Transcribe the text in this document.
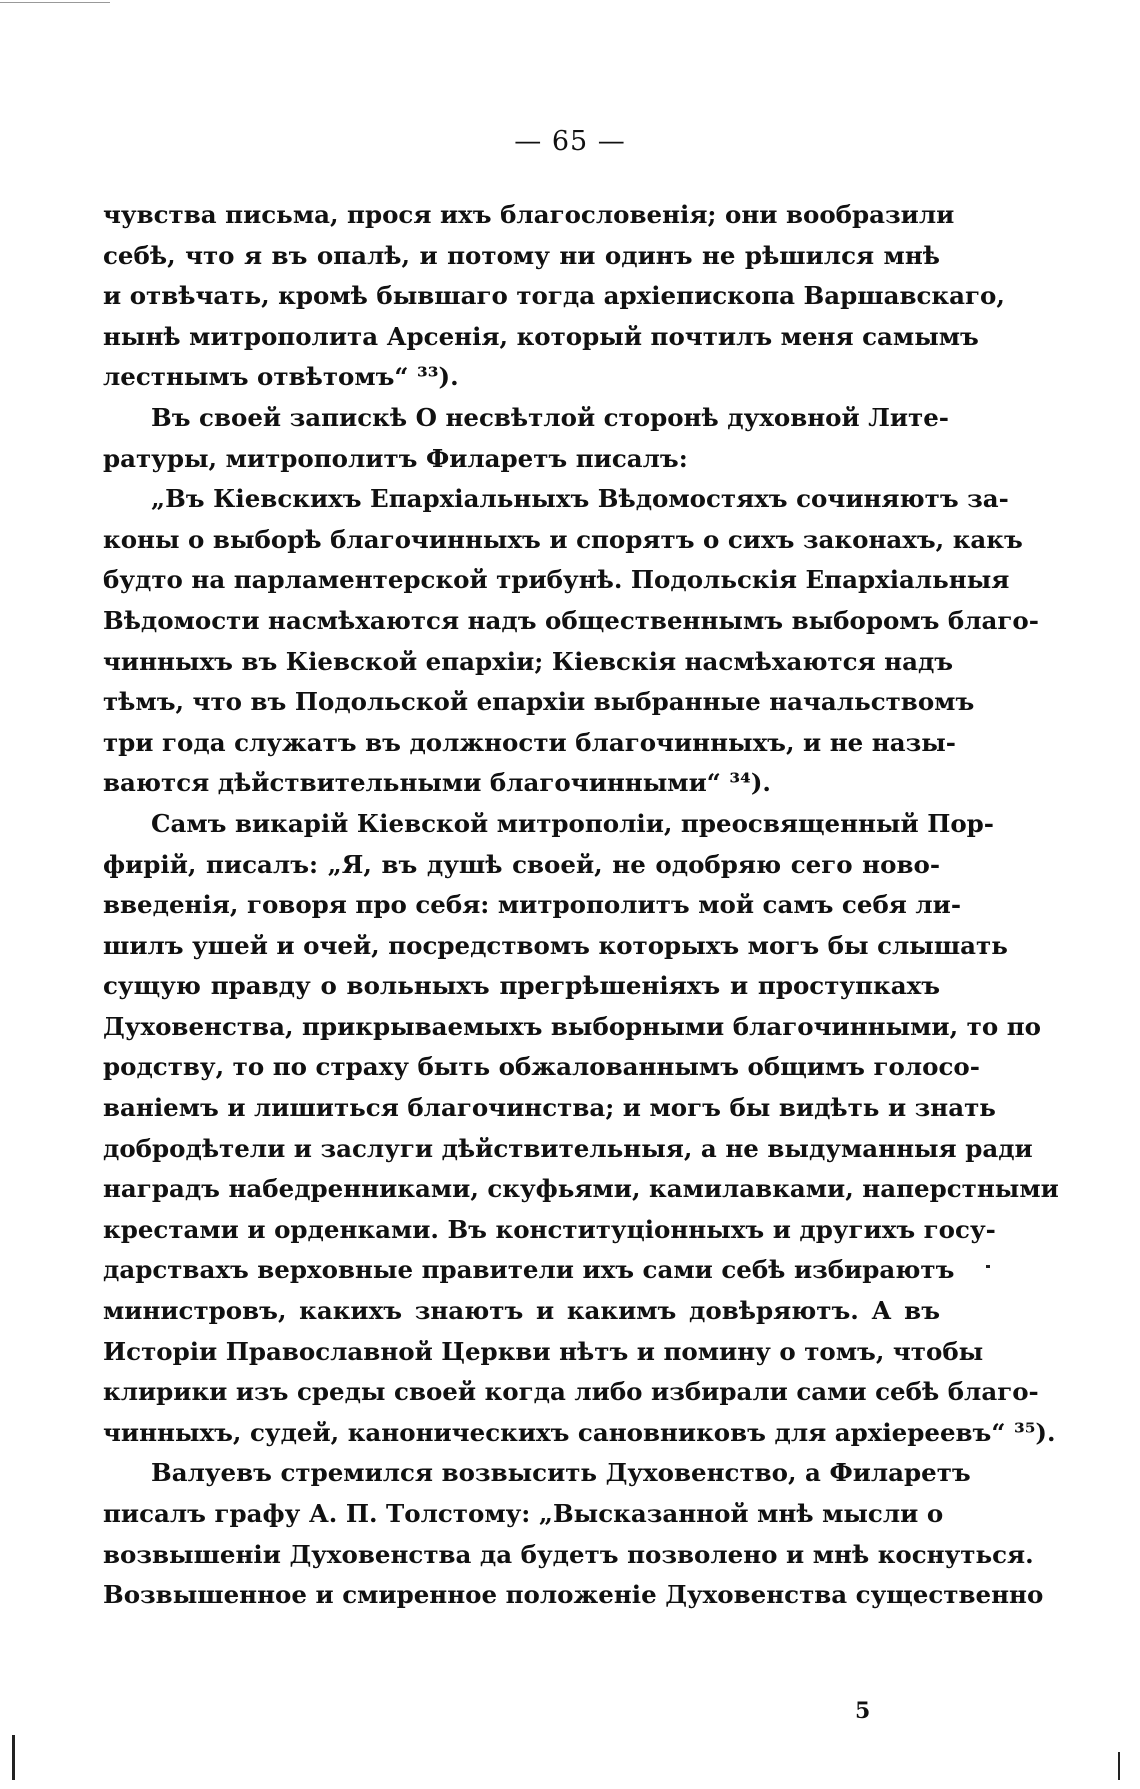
— 65 —

чувства письма, прося ихъ благословенія; они вообразили
себѣ, что я въ опалѣ, и потому ни одинъ не рѣшился мнѣ
и отвѣчать, кромѣ бывшаго тогда архіепископа Варшавскаго,
нынѣ митрополита Арсенія, который почтилъ меня самымъ
лестнымъ отвѣтомъ“ ³³).

Въ своей запискѣ О несвѣтлой сторонѣ духовной Лите-
ратуры, митрополитъ Филаретъ писалъ:

„Въ Кіевскихъ Епархіальныхъ Вѣдомостяхъ сочиняютъ за-
коны о выборѣ благочинныхъ и спорятъ о сихъ законахъ, какъ
будто на парламентерской трибунѣ. Подольскія Епархіальныя
Вѣдомости насмѣхаются надъ общественнымъ выборомъ благо-
чинныхъ въ Кіевской епархіи; Кіевскія насмѣхаются надъ
тѣмъ, что въ Подольской епархіи выбранные начальствомъ
три года служатъ въ должности благочинныхъ, и не назы-
ваются дѣйствительными благочинными“ ³⁴).

Самъ викарій Кіевской митрополіи, преосвященный Пор-
фирій, писалъ: „Я, въ душѣ своей, не одобряю сего ново-
введенія, говоря про себя: митрополитъ мой самъ себя ли-
шилъ ушей и очей, посредствомъ которыхъ могъ бы слышать
сущую правду о вольныхъ прегрѣшеніяхъ и проступкахъ
Духовенства, прикрываемыхъ выборными благочинными, то по
родству, то по страху быть обжалованнымъ общимъ голосо-
ваніемъ и лишиться благочинства; и могъ бы видѣть и знать
добродѣтели и заслуги дѣйствительныя, а не выдуманныя ради
наградъ набедренниками, скуфьями, камилавками, наперстными
крестами и орденками. Въ конституціонныхъ и другихъ госу-
дарствахъ верховные правители ихъ сами себѣ избираютъ
министровъ, какихъ знаютъ и какимъ довѣряютъ. А въ
Исторіи Православной Церкви нѣтъ и помину о томъ, чтобы
клирики изъ среды своей когда либо избирали сами себѣ благо-
чинныхъ, судей, каноническихъ сановниковъ для архіереевъ“ ³⁵).

Валуевъ стремился возвысить Духовенство, а Филаретъ
писалъ графу А. П. Толстому: „Высказанной мнѣ мысли о
возвышеніи Духовенства да будетъ позволено и мнѣ коснуться.
Возвышенное и смиренное положеніе Духовенства существенно

5
